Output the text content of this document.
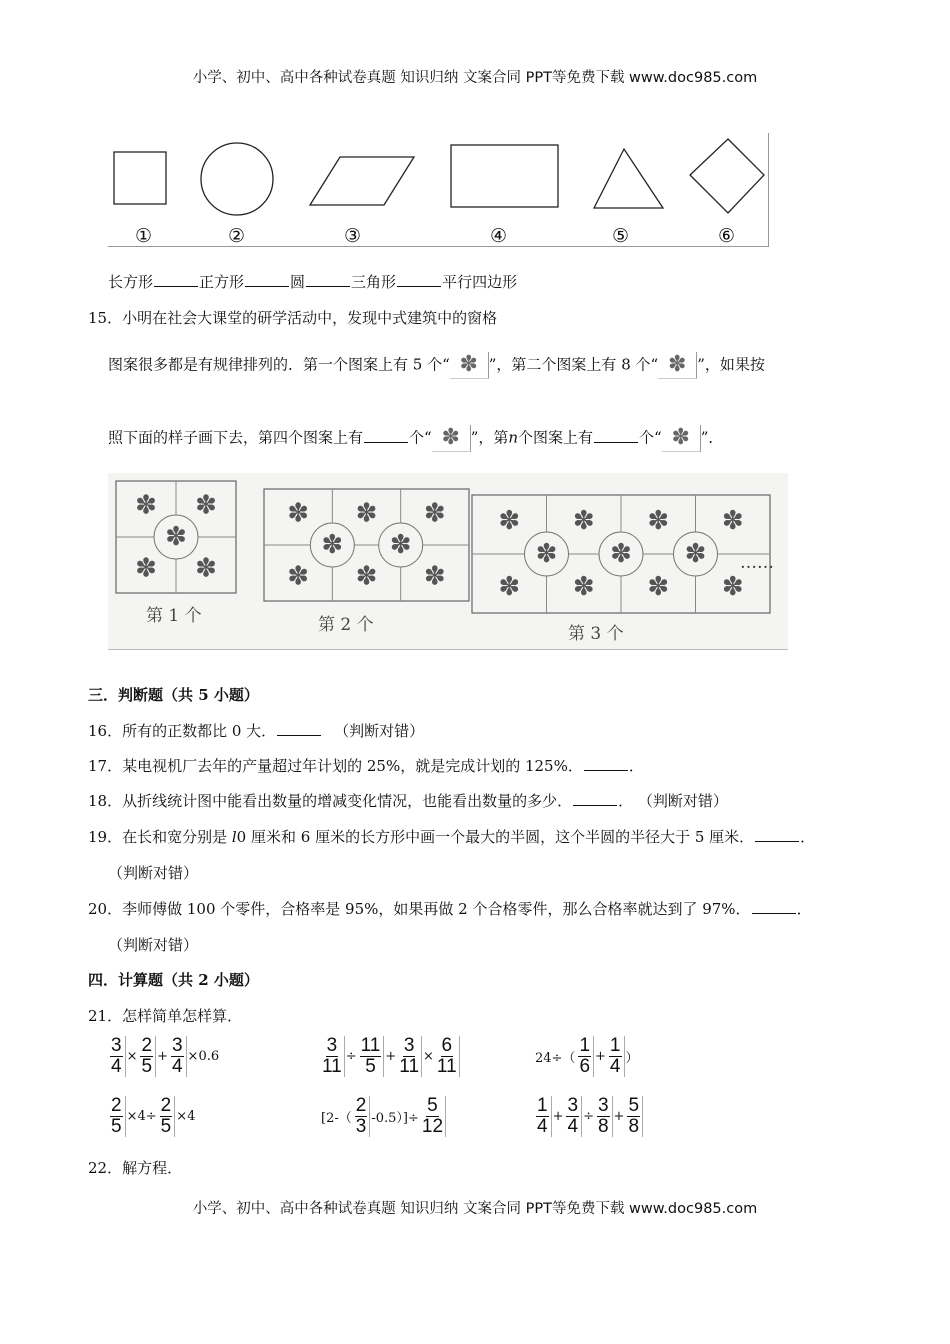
小学、初中、高中各种试卷真题 知识归纳 文案合同 PPT等免费下载 www.doc985.com
①	②	③	④	⑤	⑥
长方形	正方形	圆	三角形	平行四边形
15．小明在社会大课堂的研学活动中，发现中式建筑中的窗格
图案很多都是有规律排列的．第一个图案上有 5 个“ ✽ ”，第二个图案上有 8 个“ ✽ ”，如果按
照下面的样子画下去，第四个图案上有	个“ ✽ ”，第n个图案上有	个“ ✽ ”．
✽
✽
✽
✽
✽
✽
✽
✽
✽
✽
✽
✽ ✽
✽
✽
✽
✽
✽
✽
✽
✽
✽ ✽ ✽
第 1 个	第 2 个	第 3 个
……
三．判断题（共 5 小题）
16．所有的正数都比 0 大．	（判断对错）
17．某电视机厂去年的产量超过年计划的 25%，就是完成计划的 125%．	．
18．从折线统计图中能看出数量的增减变化情况，也能看出数量的多少．	． （判断对错）
19．在长和宽分别是 l0 厘米和 6 厘米的长方形中画一个最大的半圆，这个半圆的半径大于 5 厘米．	．
（判断对错）
20．李师傅做 100 个零件，合格率是 95%，如果再做 2 个合格零件，那么合格率就达到了 97%．	．
（判断对错）
四．计算题（共 2 小题）
21．怎样简单怎样算．
$\frac{3}{4} \times \frac{2}{5} + \frac{3}{4} \times 0.6$	$\frac{3}{11} \div \frac{11}{5} + \frac{3}{11} \times \frac{6}{11}$	$24\div( \frac{1}{6} + \frac{1}{4}$ ）
$\frac{2}{5} \times 4\div \frac{2}{5} \times 4$	$[2-( \frac{2}{3} -0.5)]\div \frac{5}{12}$	$\frac{1}{4} + \frac{3}{4} \div \frac{3}{8} + \frac{5}{8}$
22．解方程．
小学、初中、高中各种试卷真题 知识归纳 文案合同 PPT等免费下载 www.doc985.com
